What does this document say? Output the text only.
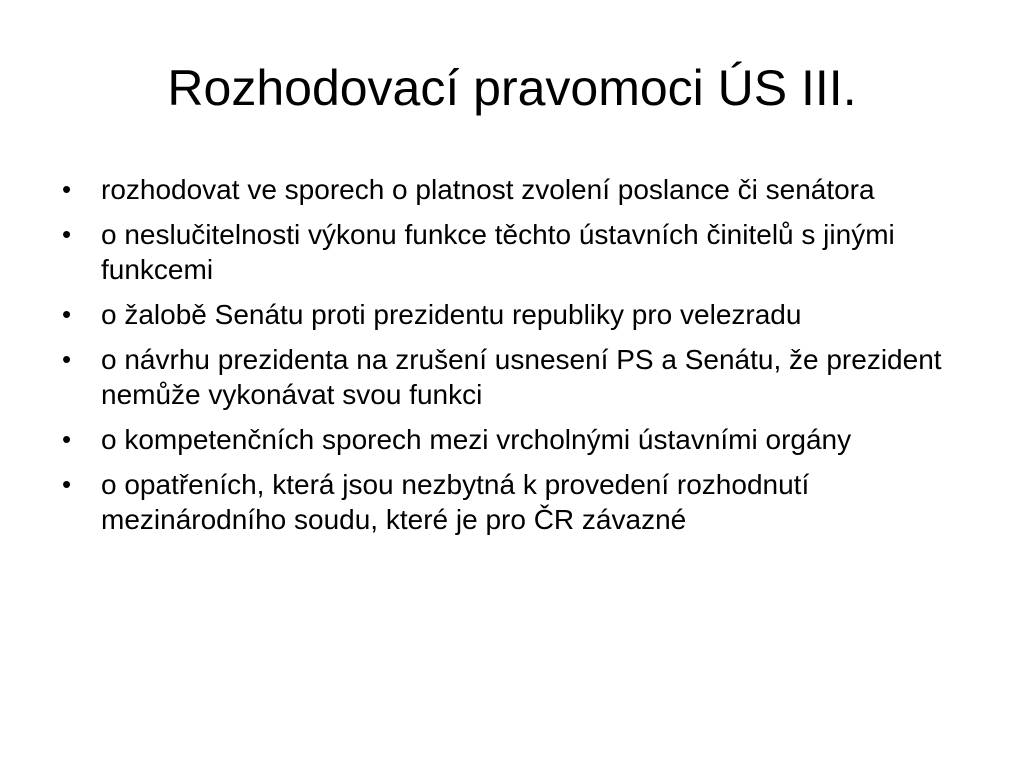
Rozhodovací pravomoci ÚS III.
•	rozhodovat ve sporech o platnost zvolení poslance či senátora
•	o neslučitelnosti výkonu funkce těchto ústavních činitelů s jinými funkcemi
•	o žalobě Senátu proti prezidentu republiky pro velezradu
•	o návrhu prezidenta na zrušení usnesení PS a Senátu, že prezident nemůže vykonávat svou funkci
•	o kompetenčních sporech mezi vrcholnými ústavními orgány
•	o opatřeních, která jsou nezbytná k provedení rozhodnutí mezinárodního soudu, které je pro ČR závazné
